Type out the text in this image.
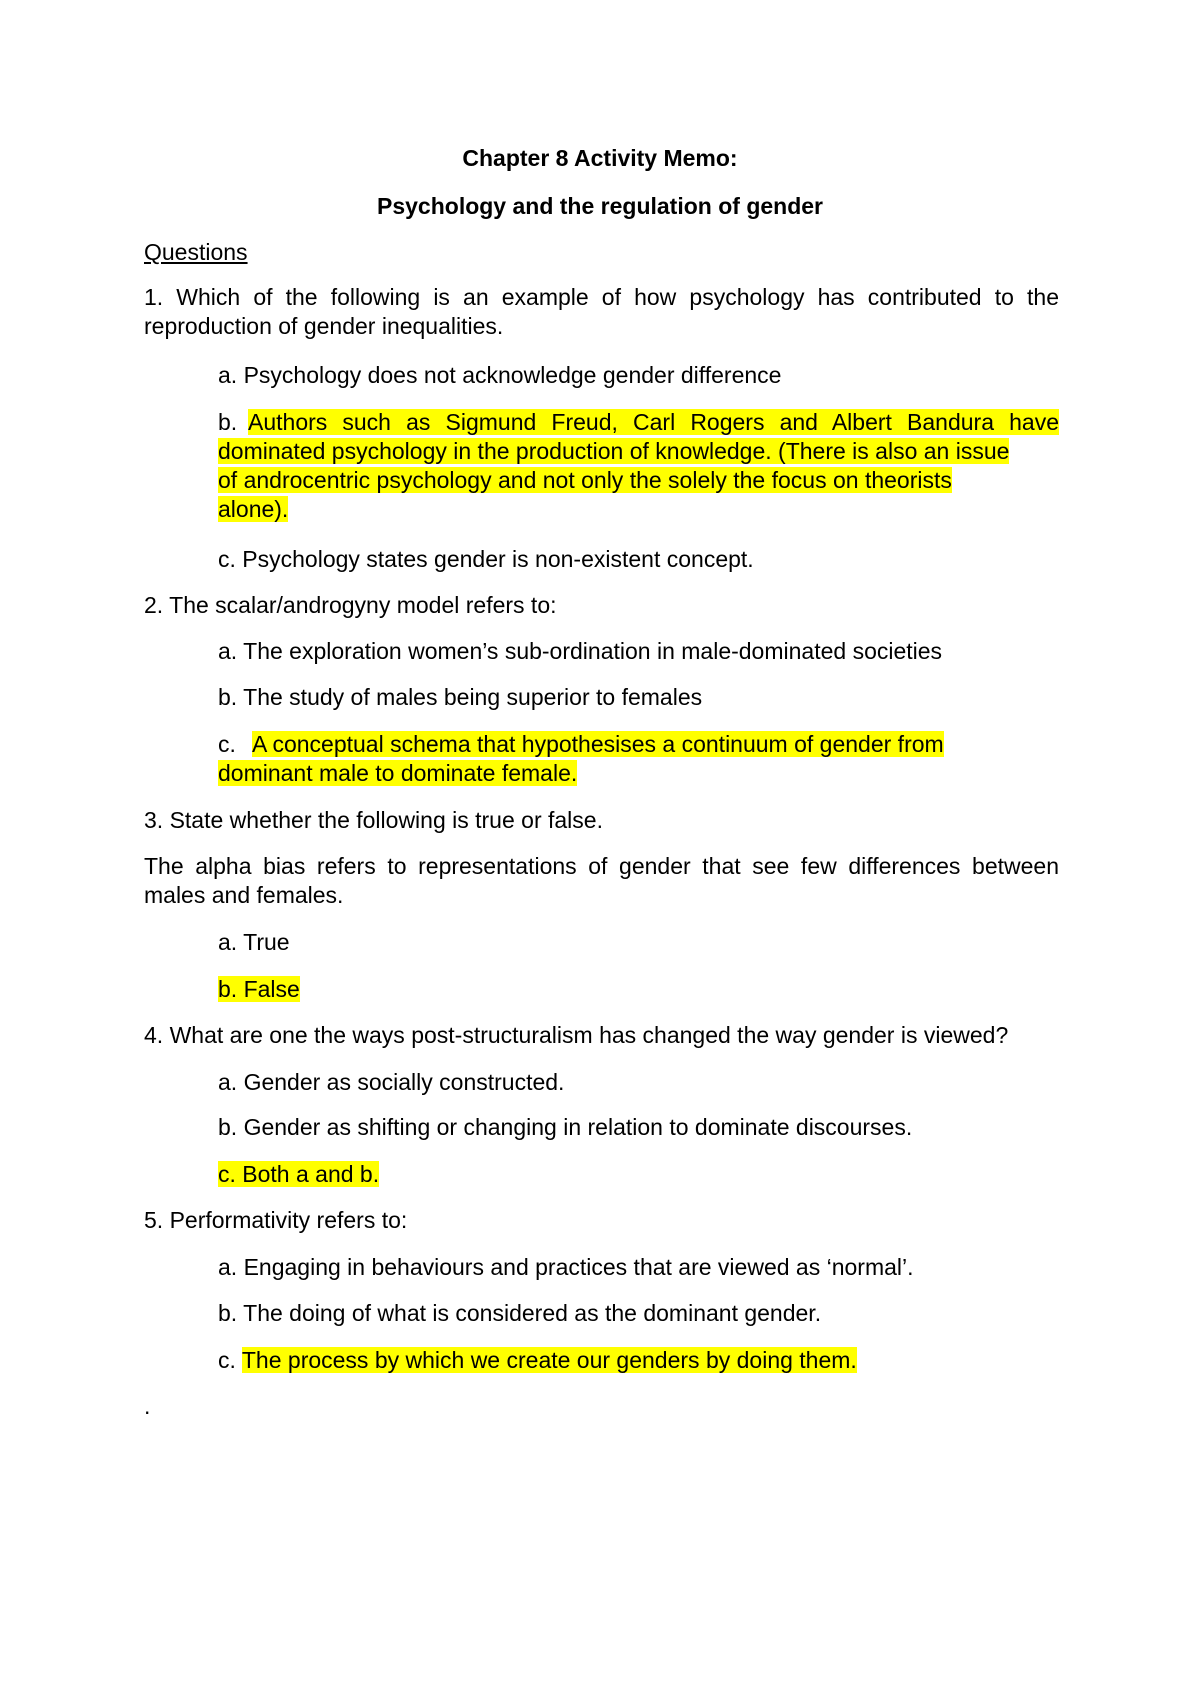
Chapter 8 Activity Memo:
Psychology and the regulation of gender
Questions
1. Which of the following is an example of how psychology has contributed to the
reproduction of gender inequalities.
a. Psychology does not acknowledge gender difference
b. Authors such as Sigmund Freud, Carl Rogers and Albert Bandura have
dominated psychology in the production of knowledge. (There is also an issue
of androcentric psychology and not only the solely the focus on theorists
alone).
c. Psychology states gender is non-existent concept.
2. The scalar/androgyny model refers to:
a. The exploration women’s sub-ordination in male-dominated societies
b. The study of males being superior to females
c. A conceptual schema that hypothesises a continuum of gender from
dominant male to dominate female.
3. State whether the following is true or false.
The alpha bias refers to representations of gender that see few differences between
males and females.
a. True
b. False
4. What are one the ways post-structuralism has changed the way gender is viewed?
a. Gender as socially constructed.
b. Gender as shifting or changing in relation to dominate discourses.
c. Both a and b.
5. Performativity refers to:
a. Engaging in behaviours and practices that are viewed as ‘normal’.
b. The doing of what is considered as the dominant gender.
c. The process by which we create our genders by doing them.
.
